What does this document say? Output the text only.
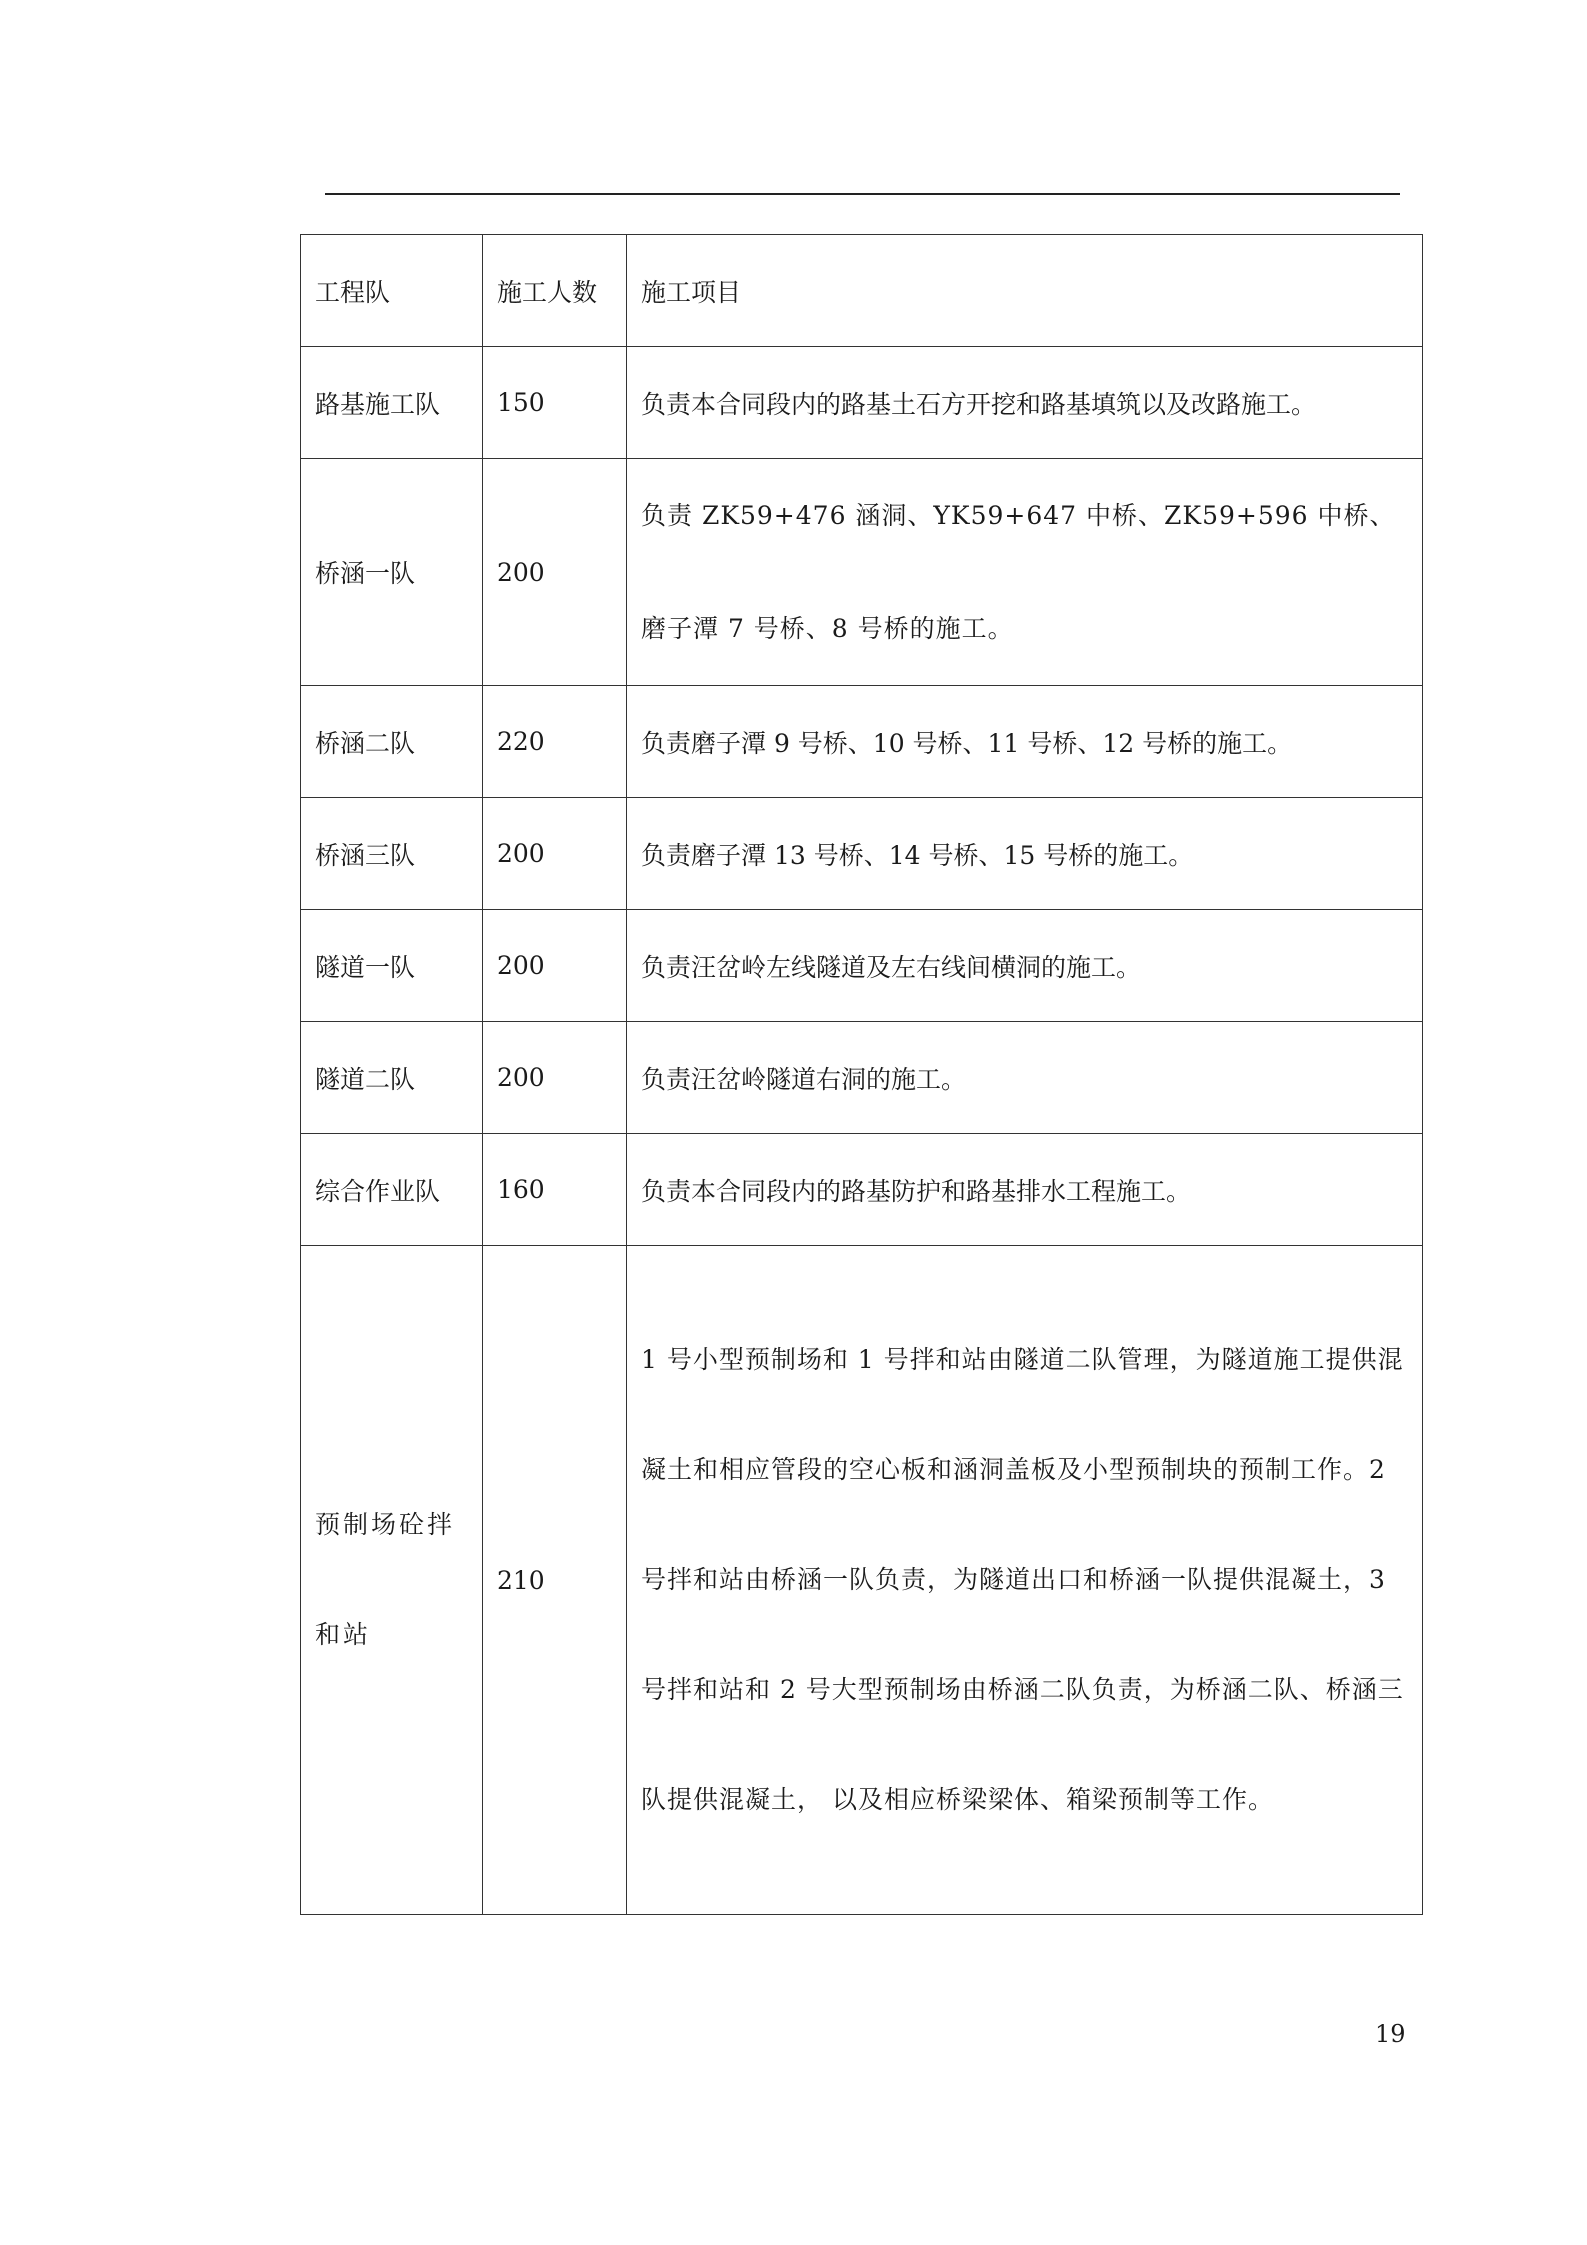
工程队	施工人数	施工项目
路基施工队	150	负责本合同段内的路基土石方开挖和路基填筑以及改路施工。
桥涵一队	200	负责 ZK59+476 涵洞、YK59+647 中桥、ZK59+596 中桥、磨子潭 7 号桥、8 号桥的施工。

桥涵二队	220	负责磨子潭 9 号桥、10 号桥、11 号桥、12 号桥的施工。
桥涵三队	200	负责磨子潭 13 号桥、14 号桥、15 号桥的施工。
隧道一队	200	负责汪岔岭左线隧道及左右线间横洞的施工。
隧道二队	200	负责汪岔岭隧道右洞的施工。
综合作业队	160	负责本合同段内的路基防护和路基排水工程施工。

预制场砼拌和站	210	1 号小型预制场和 1 号拌和站由隧道二队管理，为隧道施工提供混凝土和相应管段的空心板和涵洞盖板及小型预制块的预制工作。2 号拌和站由桥涵一队负责，为隧道出口和桥涵一队提供混凝土，3 号拌和站和 2 号大型预制场由桥涵二队负责，为桥涵二队、桥涵三队提供混凝土， 以及相应桥梁梁体、箱梁预制等工作。
19
